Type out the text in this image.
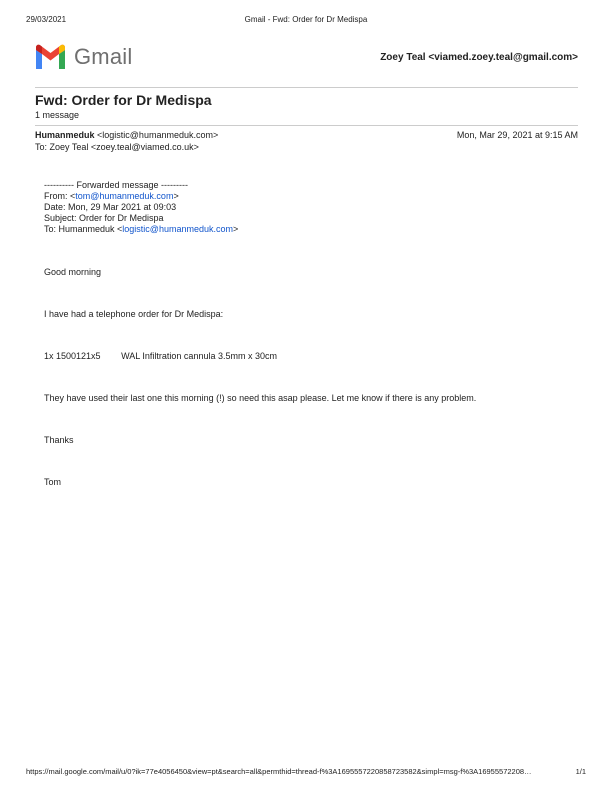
29/03/2021	Gmail - Fwd: Order for Dr Medispa
Gmail	Zoey Teal <viamed.zoey.teal@gmail.com>
Fwd: Order for Dr Medispa
1 message
Humanmeduk <logistic@humanmeduk.com>	Mon, Mar 29, 2021 at 9:15 AM
To: Zoey Teal <zoey.teal@viamed.co.uk>
---------- Forwarded message ---------
From: <tom@humanmeduk.com>
Date: Mon, 29 Mar 2021 at 09:03
Subject: Order for Dr Medispa
To: Humanmeduk <logistic@humanmeduk.com>
Good morning
I have had a telephone order for Dr Medispa:
1x 1500121x5 WAL Infiltration cannula 3.5mm x 30cm
They have used their last one this morning (!) so need this asap please. Let me know if there is any problem.
Thanks
Tom
https://mail.google.com/mail/u/0?ik=77e4056450&view=pt&search=all&permthid=thread-f%3A1695557220858723582&simpl=msg-f%3A16955572208…	1/1
